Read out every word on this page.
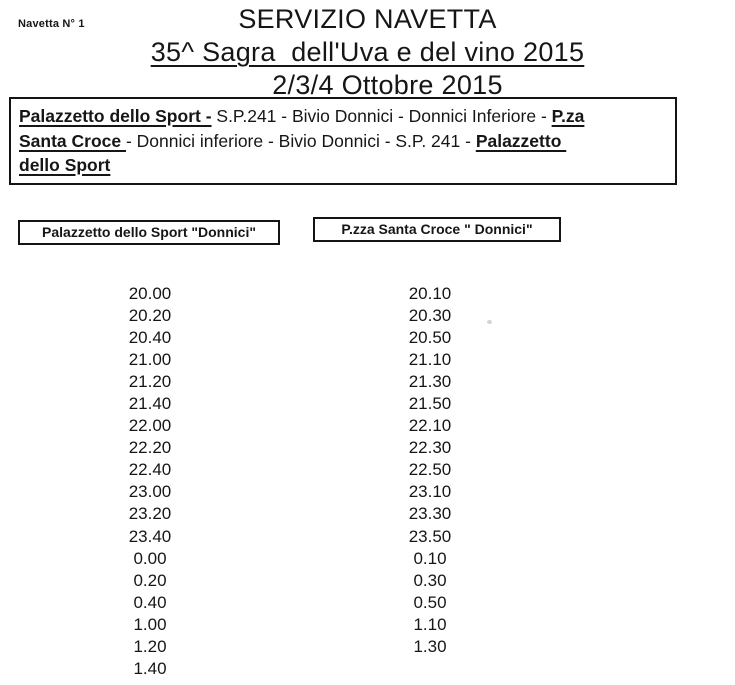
Navetta N° 1	SERVIZIO NAVETTA
35^ Sagra  dell'Uva e del vino 2015
2/3/4 Ottobre 2015
Palazzetto dello Sport - S.P.241 - Bivio Donnici - Donnici Inferiore - P.za
Santa Croce - Donnici inferiore - Bivio Donnici - S.P. 241 - Palazzetto
dello Sport
Palazzetto dello Sport "Donnici"	P.zza Santa Croce " Donnici"
20.00
20.20
20.40
21.00
21.20
21.40
22.00
22.20
22.40
23.00
23.20
23.40
0.00
0.20
0.40
1.00
1.20
1.40
20.10
20.30
20.50
21.10
21.30
21.50
22.10
22.30
22.50
23.10
23.30
23.50
0.10
0.30
0.50
1.10
1.30
